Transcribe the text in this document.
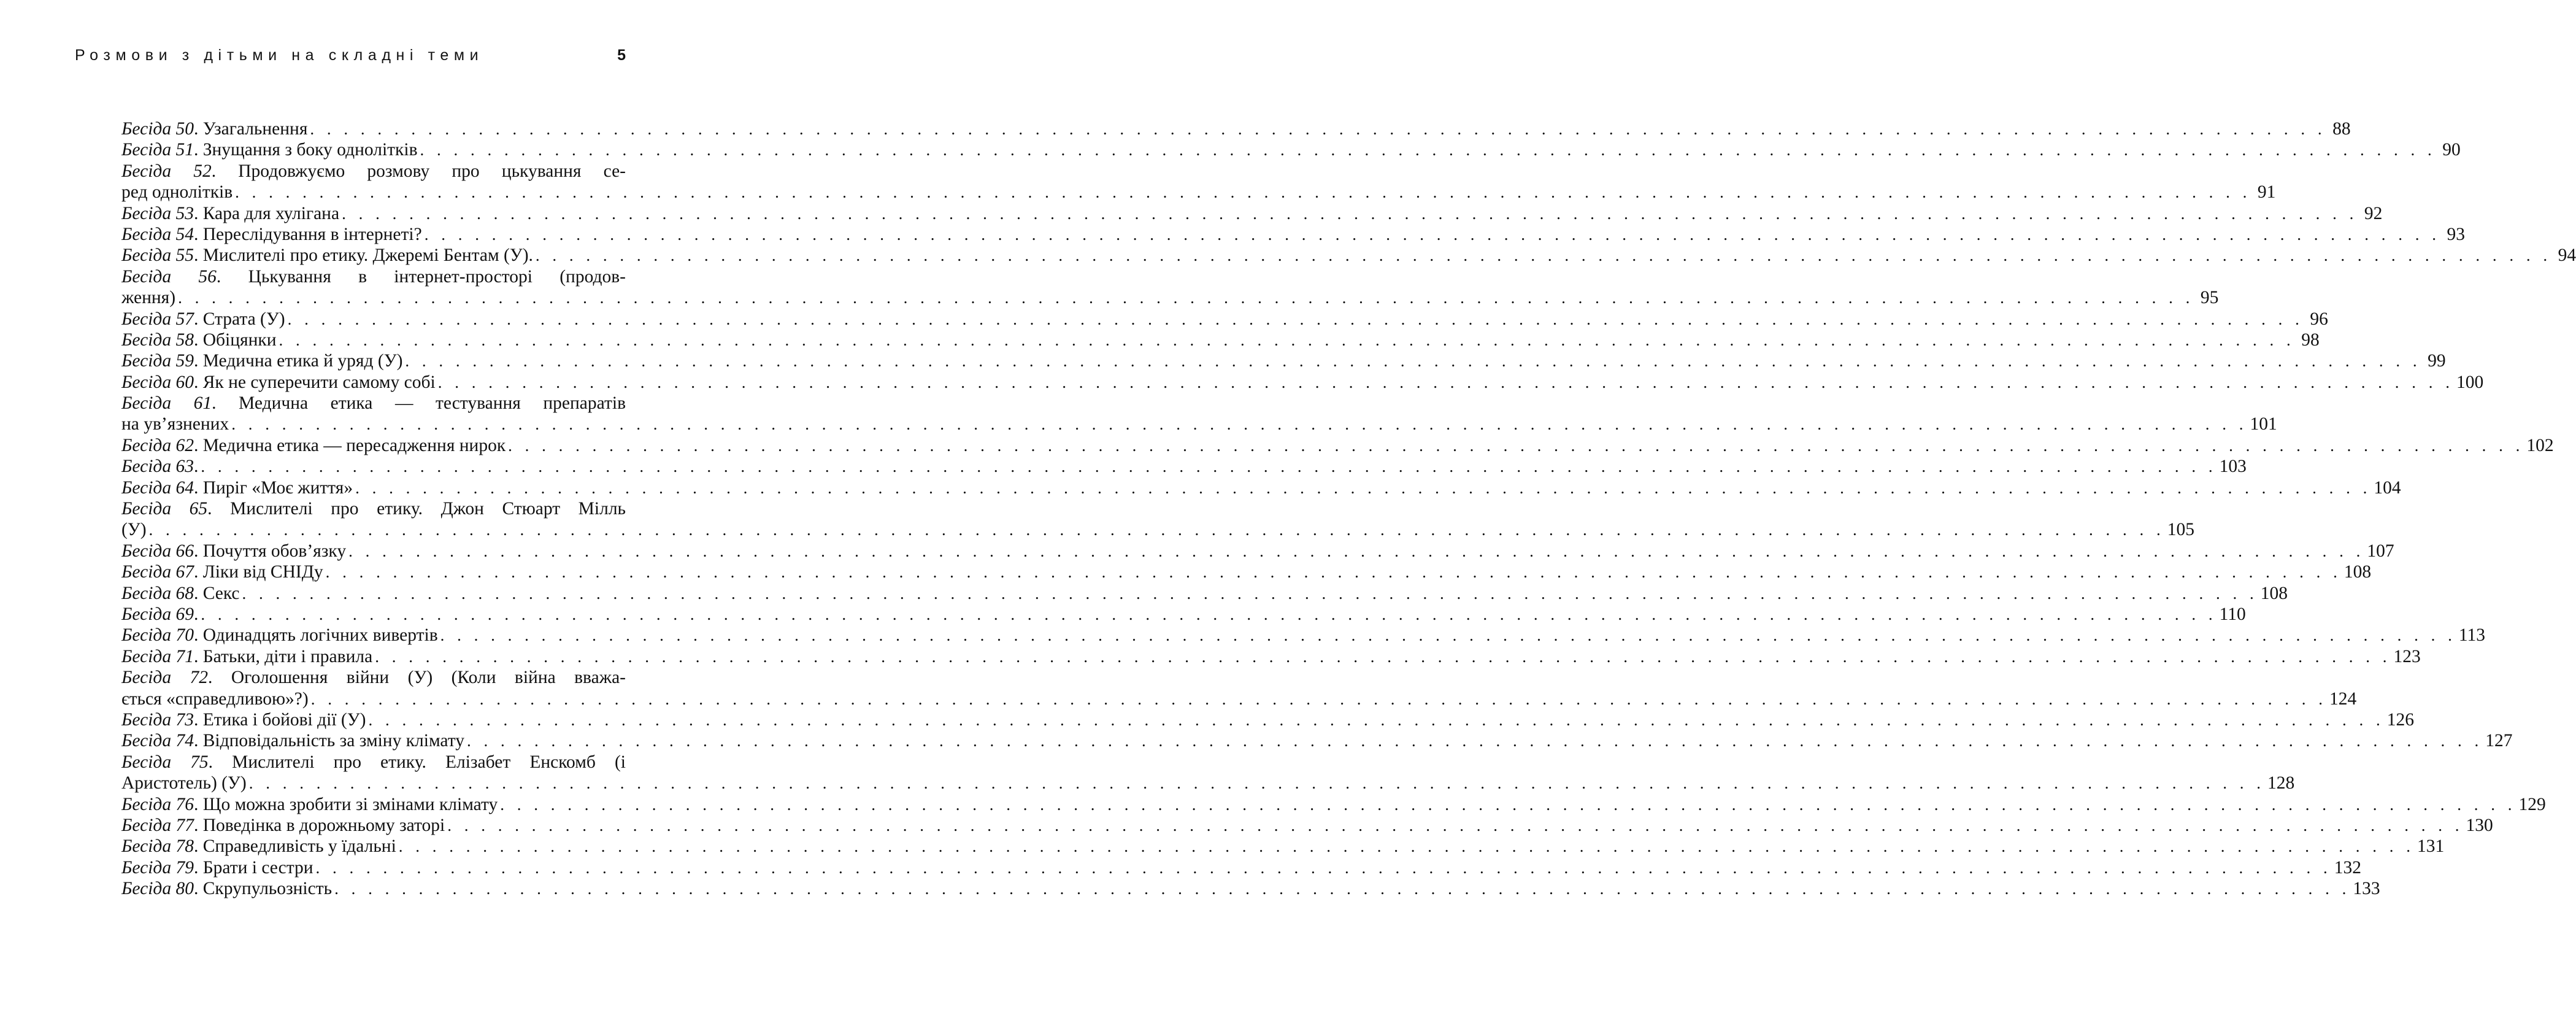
Розмови з дітьми на складні теми	5
Бесіда 50. Узагальнення . . . . . . . . . . . . . . . . . . . . . . . . . . . . . . . . . . . . . . . . . . . . . . . . . . . . . . . . . . . . . . . . . . . . . . . . . . . . . . . . . . . . . . . . . . . . . . . . . . . . . . . . . . . . . . . . . . . . . . . . 88
Бесіда 51. Знущання з боку однолітків . . . . . . . . . . . . . . . . . . . . . . . . . . . . . . . . . . . . . . . . . . . . . . . . . . . . . . . . . . . . . . . . . . . . . . . . . . . . . . . . . . . . . . . . . . . . . . . . . . . . . . . . . . . . . . . . . . . . . . . . 90
Бесіда 52. Продовжуємо розмову про цькування се-
ред однолітків . . . . . . . . . . . . . . . . . . . . . . . . . . . . . . . . . . . . . . . . . . . . . . . . . . . . . . . . . . . . . . . . . . . . . . . . . . . . . . . . . . . . . . . . . . . . . . . . . . . . . . . . . . . . . . . . . . . . . . . . 91
Бесіда 53. Кара для хулігана . . . . . . . . . . . . . . . . . . . . . . . . . . . . . . . . . . . . . . . . . . . . . . . . . . . . . . . . . . . . . . . . . . . . . . . . . . . . . . . . . . . . . . . . . . . . . . . . . . . . . . . . . . . . . . . . . . . . . . . . 92
Бесіда 54. Переслідування в інтернеті? . . . . . . . . . . . . . . . . . . . . . . . . . . . . . . . . . . . . . . . . . . . . . . . . . . . . . . . . . . . . . . . . . . . . . . . . . . . . . . . . . . . . . . . . . . . . . . . . . . . . . . . . . . . . . . . . . . . . . . . . 93
Бесіда 55. Мислителі про етику. Джеремі Бентам (У). . . . . . . . . . . . . . . . . . . . . . . . . . . . . . . . . . . . . . . . . . . . . . . . . . . . . . . . . . . . . . . . . . . . . . . . . . . . . . . . . . . . . . . . . . . . . . . . . . . . . . . . . . . . . . . . . . . . . . . . . 94
Бесіда 56. Цькування в інтернет-просторі (продов-
ження) . . . . . . . . . . . . . . . . . . . . . . . . . . . . . . . . . . . . . . . . . . . . . . . . . . . . . . . . . . . . . . . . . . . . . . . . . . . . . . . . . . . . . . . . . . . . . . . . . . . . . . . . . . . . . . . . . . . . . . . . 95
Бесіда 57. Страта (У) . . . . . . . . . . . . . . . . . . . . . . . . . . . . . . . . . . . . . . . . . . . . . . . . . . . . . . . . . . . . . . . . . . . . . . . . . . . . . . . . . . . . . . . . . . . . . . . . . . . . . . . . . . . . . . . . . . . . . . . . 96
Бесіда 58. Обіцянки . . . . . . . . . . . . . . . . . . . . . . . . . . . . . . . . . . . . . . . . . . . . . . . . . . . . . . . . . . . . . . . . . . . . . . . . . . . . . . . . . . . . . . . . . . . . . . . . . . . . . . . . . . . . . . . . . . . . . . . . 98
Бесіда 59. Медична етика й уряд (У) . . . . . . . . . . . . . . . . . . . . . . . . . . . . . . . . . . . . . . . . . . . . . . . . . . . . . . . . . . . . . . . . . . . . . . . . . . . . . . . . . . . . . . . . . . . . . . . . . . . . . . . . . . . . . . . . . . . . . . . . 99
Бесіда 60. Як не суперечити самому собі . . . . . . . . . . . . . . . . . . . . . . . . . . . . . . . . . . . . . . . . . . . . . . . . . . . . . . . . . . . . . . . . . . . . . . . . . . . . . . . . . . . . . . . . . . . . . . . . . . . . . . . . . . . . . . . . . . . . . . . . 100
Бесіда 61. Медична етика — тестування препаратів
на ув’язнених . . . . . . . . . . . . . . . . . . . . . . . . . . . . . . . . . . . . . . . . . . . . . . . . . . . . . . . . . . . . . . . . . . . . . . . . . . . . . . . . . . . . . . . . . . . . . . . . . . . . . . . . . . . . . . . . . . . . . . . . 101
Бесіда 62. Медична етика — пересадження нирок . . . . . . . . . . . . . . . . . . . . . . . . . . . . . . . . . . . . . . . . . . . . . . . . . . . . . . . . . . . . . . . . . . . . . . . . . . . . . . . . . . . . . . . . . . . . . . . . . . . . . . . . . . . . . . . . . . . . . . . . 102
Бесіда 63. . . . . . . . . . . . . . . . . . . . . . . . . . . . . . . . . . . . . . . . . . . . . . . . . . . . . . . . . . . . . . . . . . . . . . . . . . . . . . . . . . . . . . . . . . . . . . . . . . . . . . . . . . . . . . . . . . . . . . . . . 103
Бесіда 64. Пиріг «Моє життя» . . . . . . . . . . . . . . . . . . . . . . . . . . . . . . . . . . . . . . . . . . . . . . . . . . . . . . . . . . . . . . . . . . . . . . . . . . . . . . . . . . . . . . . . . . . . . . . . . . . . . . . . . . . . . . . . . . . . . . . . 104
Бесіда 65. Мислителі про етику. Джон Стюарт Мілль
(У) . . . . . . . . . . . . . . . . . . . . . . . . . . . . . . . . . . . . . . . . . . . . . . . . . . . . . . . . . . . . . . . . . . . . . . . . . . . . . . . . . . . . . . . . . . . . . . . . . . . . . . . . . . . . . . . . . . . . . . . . 105
Бесіда 66. Почуття обов’язку . . . . . . . . . . . . . . . . . . . . . . . . . . . . . . . . . . . . . . . . . . . . . . . . . . . . . . . . . . . . . . . . . . . . . . . . . . . . . . . . . . . . . . . . . . . . . . . . . . . . . . . . . . . . . . . . . . . . . . . . 107
Бесіда 67. Ліки від СНІДу . . . . . . . . . . . . . . . . . . . . . . . . . . . . . . . . . . . . . . . . . . . . . . . . . . . . . . . . . . . . . . . . . . . . . . . . . . . . . . . . . . . . . . . . . . . . . . . . . . . . . . . . . . . . . . . . . . . . . . . . 108
Бесіда 68. Секс . . . . . . . . . . . . . . . . . . . . . . . . . . . . . . . . . . . . . . . . . . . . . . . . . . . . . . . . . . . . . . . . . . . . . . . . . . . . . . . . . . . . . . . . . . . . . . . . . . . . . . . . . . . . . . . . . . . . . . . . 108
Бесіда 69. . . . . . . . . . . . . . . . . . . . . . . . . . . . . . . . . . . . . . . . . . . . . . . . . . . . . . . . . . . . . . . . . . . . . . . . . . . . . . . . . . . . . . . . . . . . . . . . . . . . . . . . . . . . . . . . . . . . . . . . . 110
Бесіда 70. Одинадцять логічних вивертів . . . . . . . . . . . . . . . . . . . . . . . . . . . . . . . . . . . . . . . . . . . . . . . . . . . . . . . . . . . . . . . . . . . . . . . . . . . . . . . . . . . . . . . . . . . . . . . . . . . . . . . . . . . . . . . . . . . . . . . . 113
Бесіда 71. Батьки, діти і правила . . . . . . . . . . . . . . . . . . . . . . . . . . . . . . . . . . . . . . . . . . . . . . . . . . . . . . . . . . . . . . . . . . . . . . . . . . . . . . . . . . . . . . . . . . . . . . . . . . . . . . . . . . . . . . . . . . . . . . . . 123
Бесіда 72. Оголошення війни (У) (Коли війна вважа-
ється «справедливою»?) . . . . . . . . . . . . . . . . . . . . . . . . . . . . . . . . . . . . . . . . . . . . . . . . . . . . . . . . . . . . . . . . . . . . . . . . . . . . . . . . . . . . . . . . . . . . . . . . . . . . . . . . . . . . . . . . . . . . . . . . 124
Бесіда 73. Етика і бойові дії (У) . . . . . . . . . . . . . . . . . . . . . . . . . . . . . . . . . . . . . . . . . . . . . . . . . . . . . . . . . . . . . . . . . . . . . . . . . . . . . . . . . . . . . . . . . . . . . . . . . . . . . . . . . . . . . . . . . . . . . . . . 126
Бесіда 74. Відповідальність за зміну клімату . . . . . . . . . . . . . . . . . . . . . . . . . . . . . . . . . . . . . . . . . . . . . . . . . . . . . . . . . . . . . . . . . . . . . . . . . . . . . . . . . . . . . . . . . . . . . . . . . . . . . . . . . . . . . . . . . . . . . . . . 127
Бесіда 75. Мислителі про етику. Елізабет Енскомб (і
Аристотель) (У) . . . . . . . . . . . . . . . . . . . . . . . . . . . . . . . . . . . . . . . . . . . . . . . . . . . . . . . . . . . . . . . . . . . . . . . . . . . . . . . . . . . . . . . . . . . . . . . . . . . . . . . . . . . . . . . . . . . . . . . . 128
Бесіда 76. Що можна зробити зі змінами клімату . . . . . . . . . . . . . . . . . . . . . . . . . . . . . . . . . . . . . . . . . . . . . . . . . . . . . . . . . . . . . . . . . . . . . . . . . . . . . . . . . . . . . . . . . . . . . . . . . . . . . . . . . . . . . . . . . . . . . . . . 129
Бесіда 77. Поведінка в дорожньому заторі . . . . . . . . . . . . . . . . . . . . . . . . . . . . . . . . . . . . . . . . . . . . . . . . . . . . . . . . . . . . . . . . . . . . . . . . . . . . . . . . . . . . . . . . . . . . . . . . . . . . . . . . . . . . . . . . . . . . . . . . 130
Бесіда 78. Справедливість у їдальні . . . . . . . . . . . . . . . . . . . . . . . . . . . . . . . . . . . . . . . . . . . . . . . . . . . . . . . . . . . . . . . . . . . . . . . . . . . . . . . . . . . . . . . . . . . . . . . . . . . . . . . . . . . . . . . . . . . . . . . . 131
Бесіда 79. Брати і сестри . . . . . . . . . . . . . . . . . . . . . . . . . . . . . . . . . . . . . . . . . . . . . . . . . . . . . . . . . . . . . . . . . . . . . . . . . . . . . . . . . . . . . . . . . . . . . . . . . . . . . . . . . . . . . . . . . . . . . . . . 132
Бесіда 80. Скрупульозність . . . . . . . . . . . . . . . . . . . . . . . . . . . . . . . . . . . . . . . . . . . . . . . . . . . . . . . . . . . . . . . . . . . . . . . . . . . . . . . . . . . . . . . . . . . . . . . . . . . . . . . . . . . . . . . . . . . . . . . . 133
